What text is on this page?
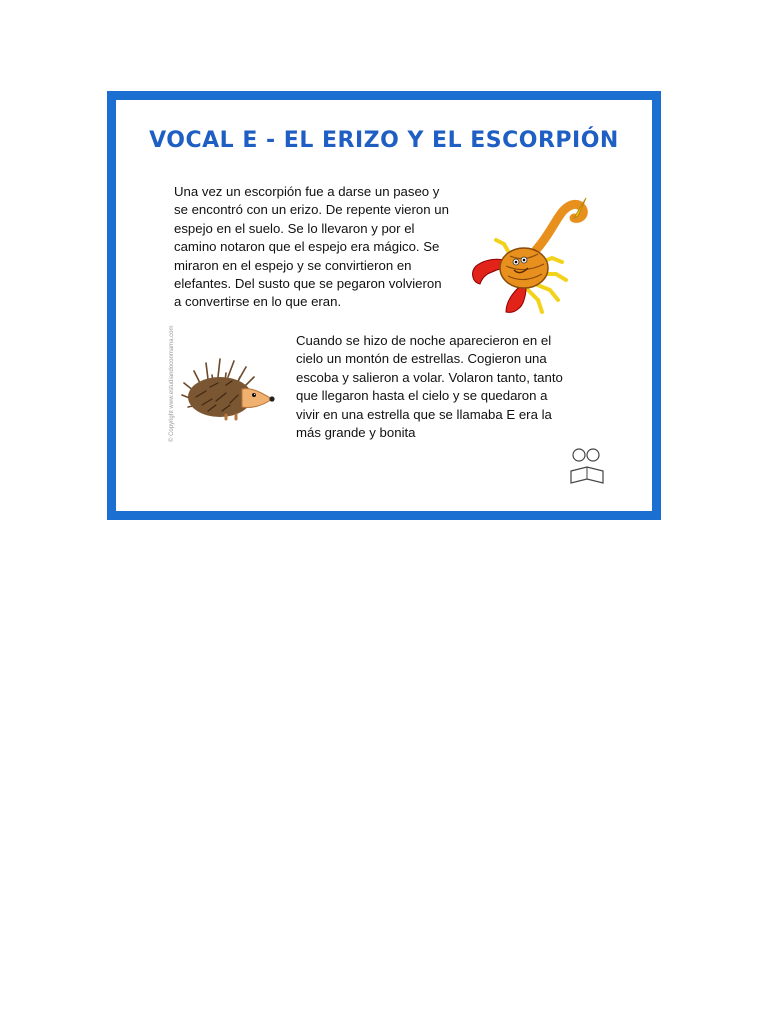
VOCAL E - EL ERIZO Y EL ESCORPIÓN
Una vez un escorpión fue a darse un paseo y se encontró con un erizo. De repente vieron un espejo en el suelo. Se lo llevaron y por el camino notaron que el espejo era mágico. Se miraron en el espejo y se convirtieron en elefantes. Del susto que se pegaron volvieron a convertirse en lo que eran.
© Copyright www.estudiandoconmama.com	Cuando se hizo de noche aparecieron en el cielo un montón de estrellas. Cogieron una escoba y salieron a volar. Volaron tanto, tanto que llegaron hasta el cielo y se quedaron a vivir en una estrella que se llamaba E era la más grande y bonita
